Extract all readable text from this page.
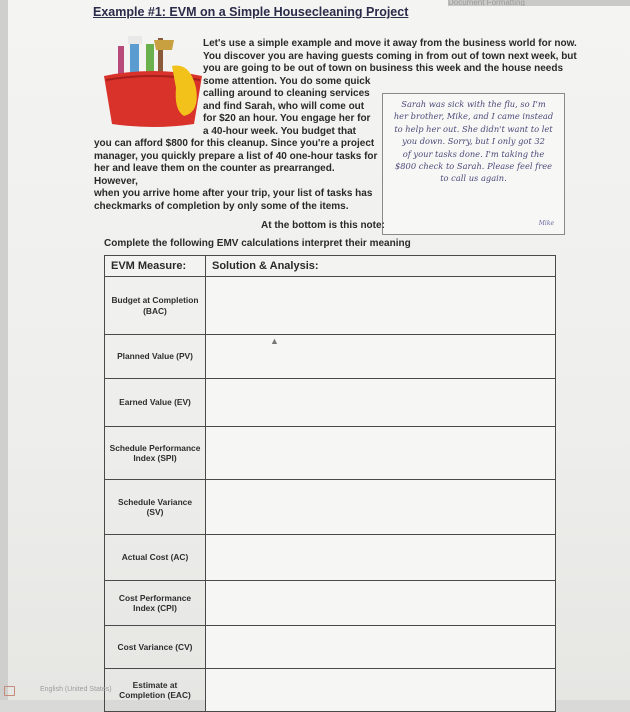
Document Formatting
Example #1: EVM on a Simple Housecleaning Project

Let's use a simple example and move it away from the business world for now.

You discover you are having guests coming in from out of town next week, but

you are going to be out of town on business this week and the house needs

some attention. You do some quick

calling around to cleaning services

and find Sarah, who will come out

for $20 an hour. You engage her for

a 40-hour week. You budget that

you can afford $800 for this cleanup. Since you're a project

manager, you quickly prepare a list of 40 one-hour tasks for

her and leave them on the counter as prearranged. However,

when you arrive home after your trip, your list of tasks has

checkmarks of completion by only some of the items.

Sarah was sick with the flu, so I'm
her brother, Mike, and I came instead
to help her out. She didn't want to let
you down. Sorry, but I only got 32
of your tasks done. I'm taking the
$800 check to Sarah. Please feel free
to call us again.
Mike
At the bottom is this note:
Complete the following EMV calculations interpret their meaning
EVM Measure:	Solution & Analysis:
Budget at Completion (BAC)	
Planned Value (PV)	
Earned Value (EV)	
Schedule Performance Index (SPI)	
Schedule Variance (SV)	
Actual Cost (AC)	
Cost Performance Index (CPI)	
Cost Variance (CV)	
Estimate at Completion (EAC)	
▲
English (United States)
